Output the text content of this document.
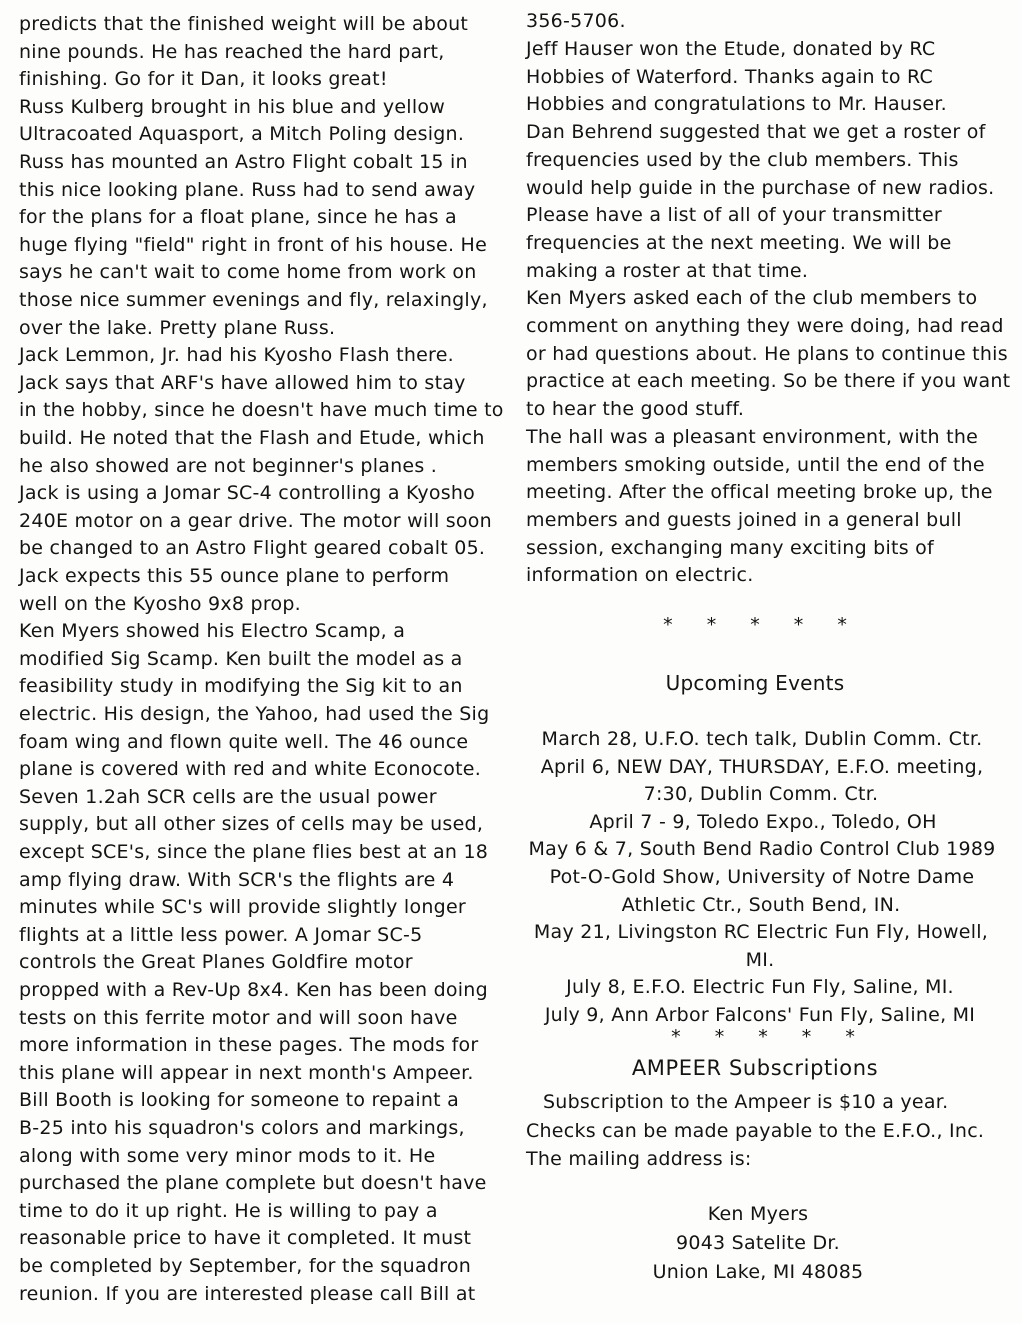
predicts that the finished weight will be about
nine pounds. He has reached the hard part,
finishing. Go for it Dan, it looks great!
Russ Kulberg brought in his blue and yellow
Ultracoated Aquasport, a Mitch Poling design.
Russ has mounted an Astro Flight cobalt 15 in
this nice looking plane. Russ had to send away
for the plans for a float plane, since he has a
huge flying "field" right in front of his house. He
says he can't wait to come home from work on
those nice summer evenings and fly, relaxingly,
over the lake. Pretty plane Russ.
Jack Lemmon, Jr. had his Kyosho Flash there.
Jack says that ARF's have allowed him to stay
in the hobby, since he doesn't have much time to
build. He noted that the Flash and Etude, which
he also showed are not beginner's planes .
Jack is using a Jomar SC-4 controlling a Kyosho
240E motor on a gear drive. The motor will soon
be changed to an Astro Flight geared cobalt 05.
Jack expects this 55 ounce plane to perform
well on the Kyosho 9x8 prop.
Ken Myers showed his Electro Scamp, a
modified Sig Scamp. Ken built the model as a
feasibility study in modifying the Sig kit to an
electric. His design, the Yahoo, had used the Sig
foam wing and flown quite well. The 46 ounce
plane is covered with red and white Econocote.
Seven 1.2ah SCR cells are the usual power
supply, but all other sizes of cells may be used,
except SCE's, since the plane flies best at an 18
amp flying draw. With SCR's the flights are 4
minutes while SC's will provide slightly longer
flights at a little less power. A Jomar SC-5
controls the Great Planes Goldfire motor
propped with a Rev-Up 8x4. Ken has been doing
tests on this ferrite motor and will soon have
more information in these pages. The mods for
this plane will appear in next month's Ampeer.
Bill Booth is looking for someone to repaint a
B-25 into his squadron's colors and markings,
along with some very minor mods to it. He
purchased the plane complete but doesn't have
time to do it up right. He is willing to pay a
reasonable price to have it completed. It must
be completed by September, for the squadron
reunion. If you are interested please call Bill at
356-5706.
Jeff Hauser won the Etude, donated by RC
Hobbies of Waterford. Thanks again to RC
Hobbies and congratulations to Mr. Hauser.
Dan Behrend suggested that we get a roster of
frequencies used by the club members. This
would help guide in the purchase of new radios.
Please have a list of all of your transmitter
frequencies at the next meeting. We will be
making a roster at that time.
Ken Myers asked each of the club members to
comment on anything they were doing, had read
or had questions about. He plans to continue this
practice at each meeting. So be there if you want
to hear the good stuff.
The hall was a pleasant environment, with the
members smoking outside, until the end of the
meeting. After the offical meeting broke up, the
members and guests joined in a general bull
session, exchanging many exciting bits of
information on electric.
* * * * *
Upcoming Events
March 28, U.F.O. tech talk, Dublin Comm. Ctr.
April 6, NEW DAY, THURSDAY, E.F.O. meeting,
7:30, Dublin Comm. Ctr.
April 7 - 9, Toledo Expo., Toledo, OH
May 6 & 7, South Bend Radio Control Club 1989
Pot-O-Gold Show, University of Notre Dame
Athletic Ctr., South Bend, IN.
May 21, Livingston RC Electric Fun Fly, Howell,
MI.
July 8, E.F.O. Electric Fun Fly, Saline, MI.
July 9, Ann Arbor Falcons' Fun Fly, Saline, MI
* * * * *
AMPEER Subscriptions
Subscription to the Ampeer is $10 a year.
Checks can be made payable to the E.F.O., Inc.
The mailing address is:
Ken Myers
9043 Satelite Dr.
Union Lake, MI 48085
